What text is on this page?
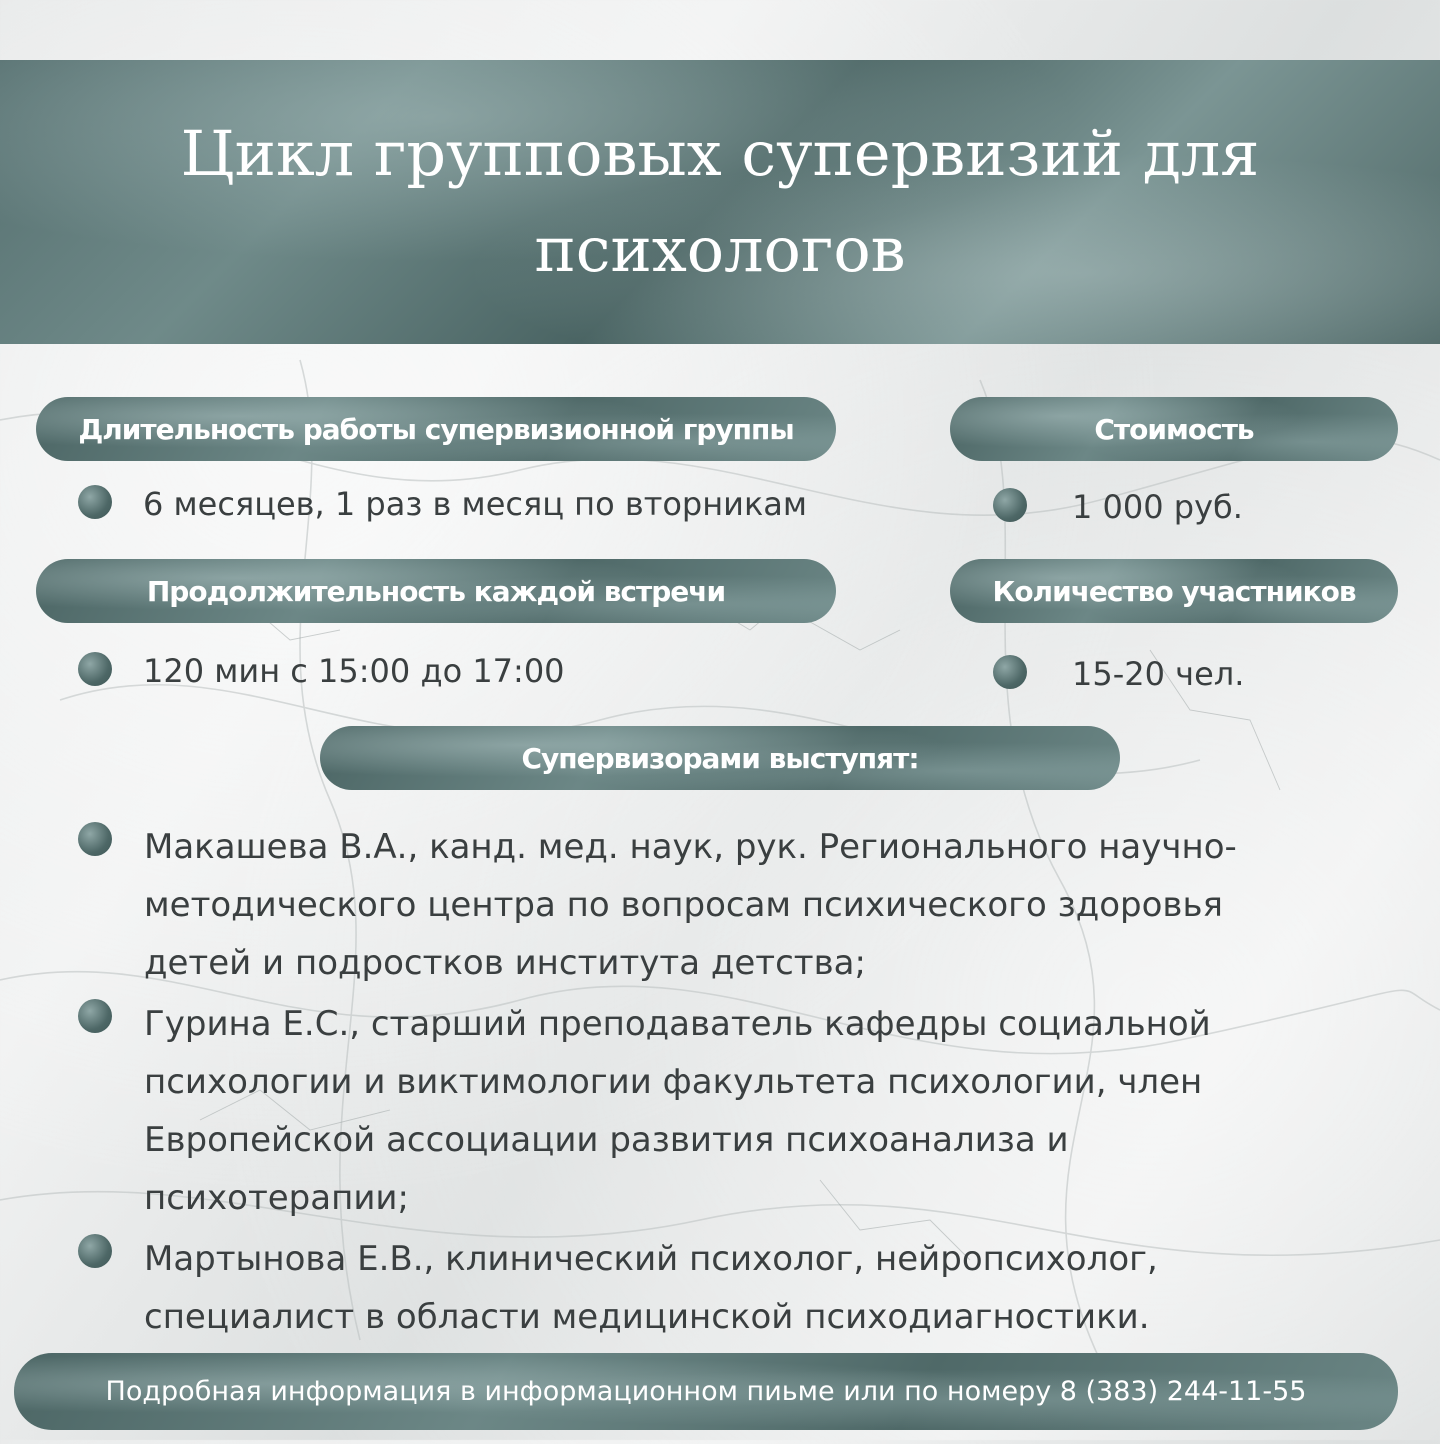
Цикл групповых супервизий для психологов
Длительность работы супервизионной группы	Стоимость
6 месяцев, 1 раз в месяц по вторникам	1 000 руб.
Продолжительность каждой встречи	Количество участников
120 мин с 15:00 до 17:00	15-20 чел.
Супервизорами выступят:
Макашева В.А., канд. мед. наук, рук. Регионального научно-методического центра по вопросам психического здоровья детей и подростков института детства;
Гурина Е.С., старший преподаватель кафедры социальной психологии и виктимологии факультета психологии, член Европейской ассоциации развития психоанализа и психотерапии;
Мартынова Е.В., клинический психолог, нейропсихолог, специалист в области медицинской психодиагностики.
Подробная информация в информационном пиьме или по номеру 8 (383) 244-11-55
